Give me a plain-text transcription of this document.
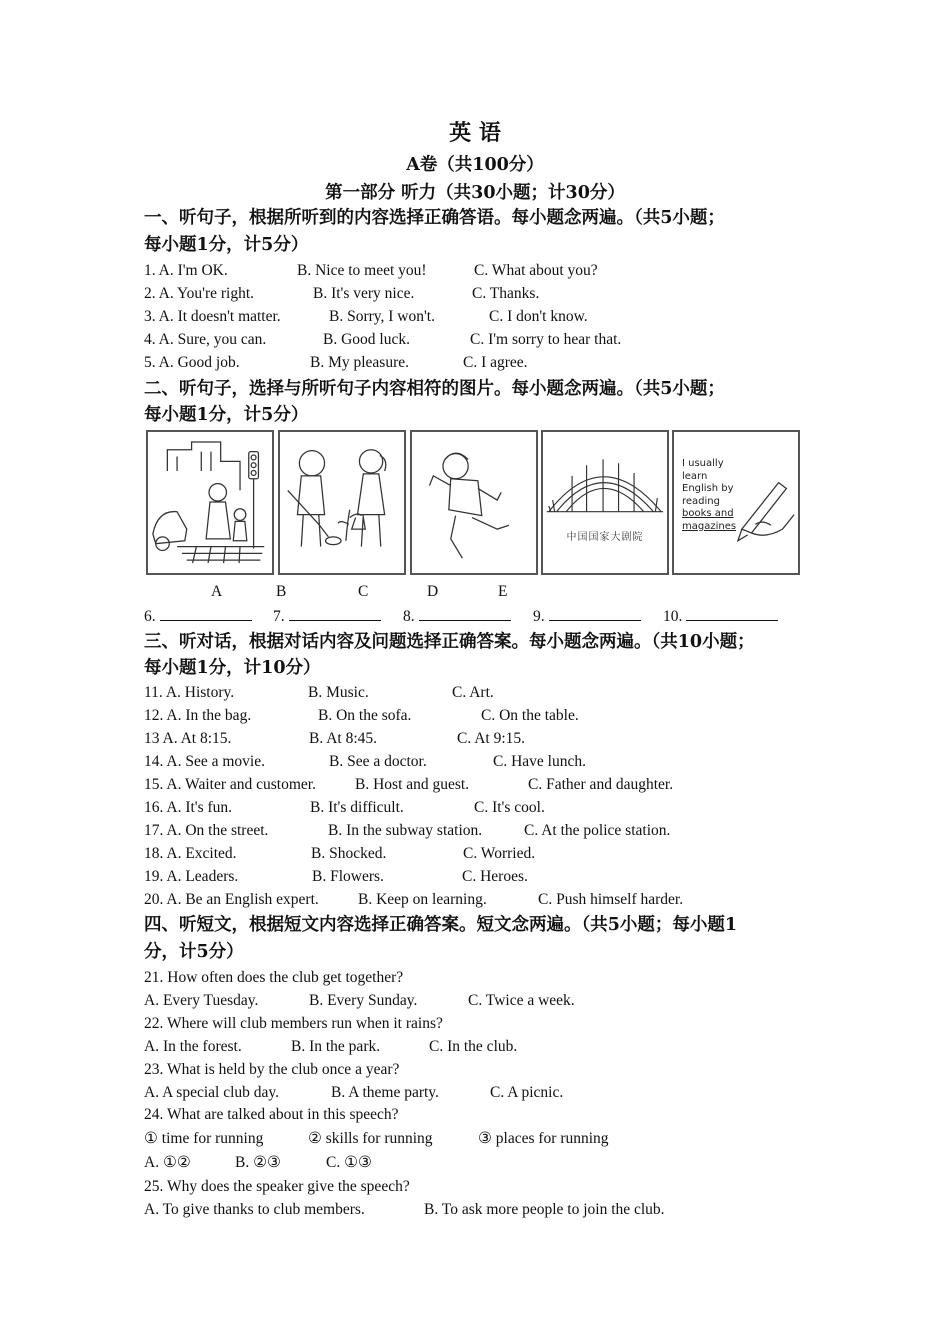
英 语
A卷（共100分）
第一部分 听力（共30小题；计30分）
一、听句子，根据所听到的内容选择正确答语。每小题念两遍。（共5小题；
每小题1分，计5分）
1. A. I'm OK.	B. Nice to meet you!	C. What about you?
2. A. You're right.	B. It's very nice.	C. Thanks.
3. A. It doesn't matter.	B. Sorry, I won't.	C. I don't know.
4. A. Sure, you can.	B. Good luck.	C. I'm sorry to hear that.
5. A. Good job.	B. My pleasure.	C. I agree.
二、听句子，选择与所听句子内容相符的图片。每小题念两遍。（共5小题；
每小题1分，计5分）
中国国家大剧院
I usually
learn
English by
reading
books and
magazines
A	B	C	D	E
6.	7.	8.	9.	10.
三、听对话，根据对话内容及问题选择正确答案。每小题念两遍。（共10小题；
每小题1分，计10分）
11. A. History.	B. Music.	C. Art.
12. A. In the bag.	B. On the sofa.	C. On the table.
13 A. At 8:15.	B. At 8:45.	C. At 9:15.
14. A. See a movie.	B. See a doctor.	C. Have lunch.
15. A. Waiter and customer.	B. Host and guest.	C. Father and daughter.
16. A. It's fun.	B. It's difficult.	C. It's cool.
17. A. On the street.	B. In the subway station.	C. At the police station.
18. A. Excited.	B. Shocked.	C. Worried.
19. A. Leaders.	B. Flowers.	C. Heroes.
20. A. Be an English expert.	B. Keep on learning.	C. Push himself harder.
四、听短文，根据短文内容选择正确答案。短文念两遍。（共5小题；每小题1
分，计5分）
21. How often does the club get together?
A. Every Tuesday.	B. Every Sunday.	C. Twice a week.
22. Where will club members run when it rains?
A. In the forest.	B. In the park.	C. In the club.
23. What is held by the club once a year?
A. A special club day.	B. A theme party.	C. A picnic.
24. What are talked about in this speech?
① time for running	② skills for running	③ places for running
A. ①②	B. ②③	C. ①③
25. Why does the speaker give the speech?
A. To give thanks to club members.	B. To ask more people to join the club.
